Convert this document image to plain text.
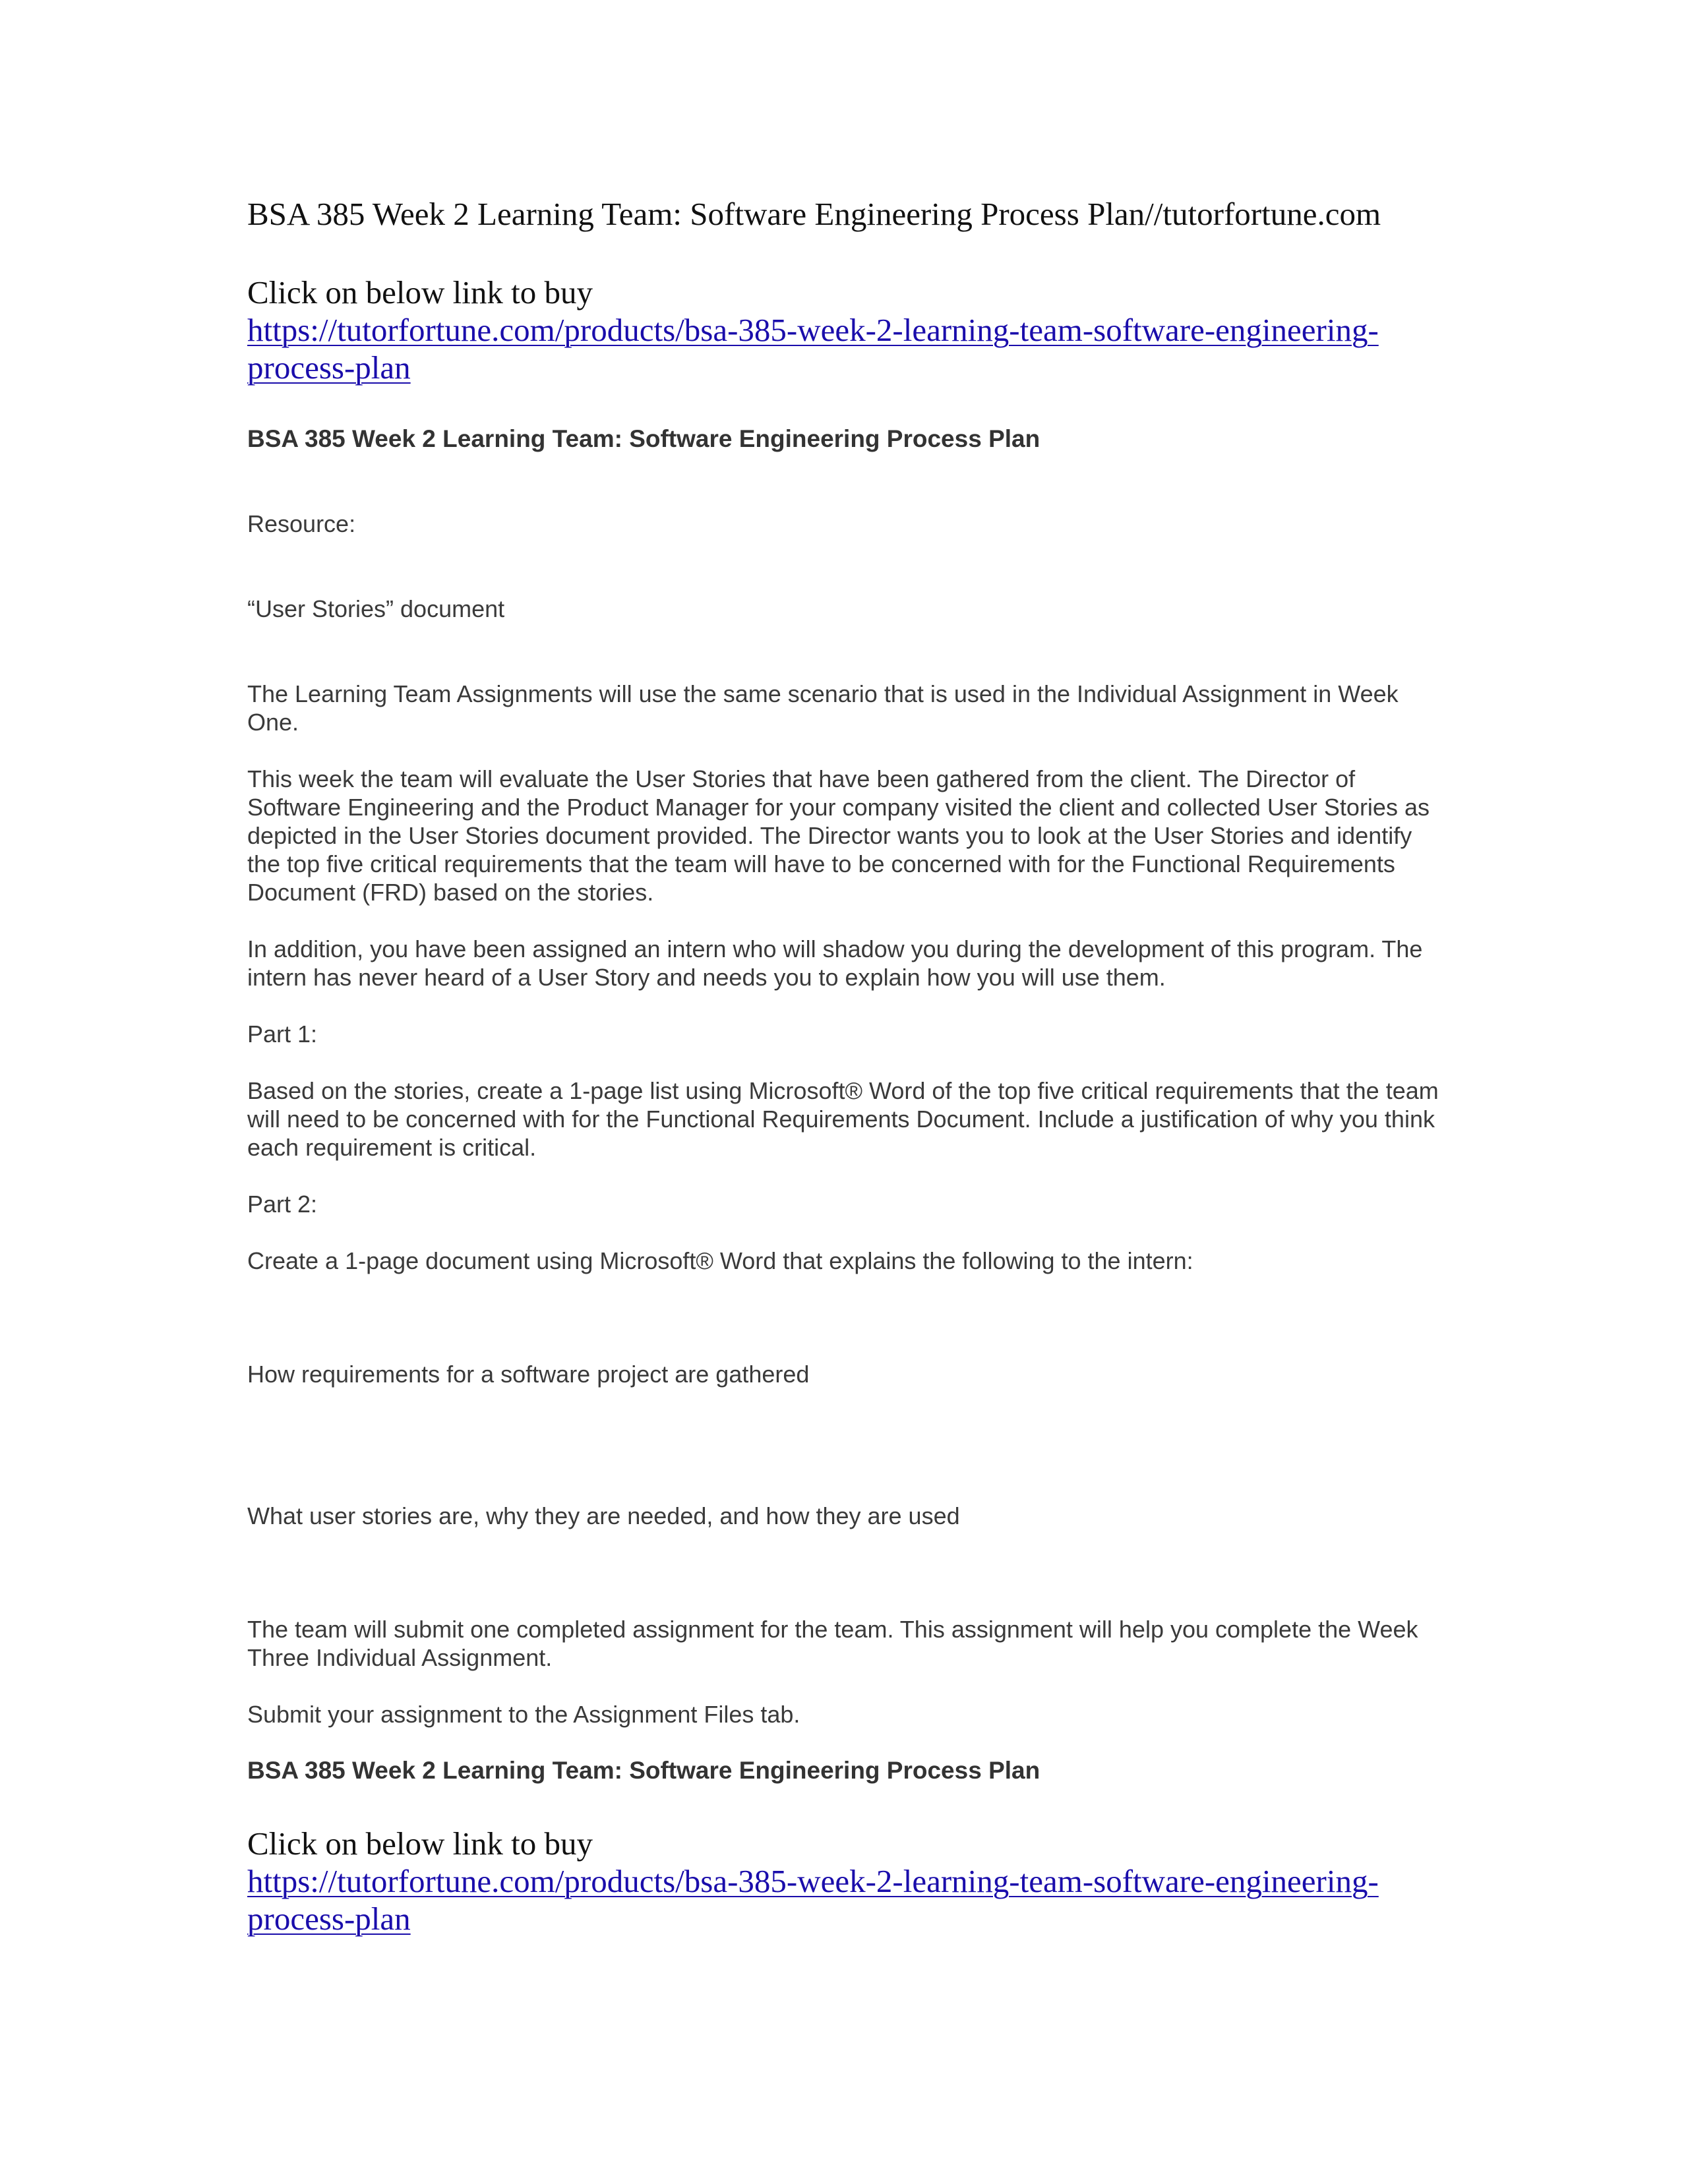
BSA 385 Week 2 Learning Team: Software Engineering Process Plan//tutorfortune.com
Click on below link to buy
https://tutorfortune.com/products/bsa-385-week-2-learning-team-software-engineering-
process-plan
BSA 385 Week 2 Learning Team: Software Engineering Process Plan
Resource:
“User Stories” document

The Learning Team Assignments will use the same scenario that is used in the Individual Assignment in Week One.

This week the team will evaluate the User Stories that have been gathered from the client. The Director of Software Engineering and the Product Manager for your company visited the client and collected User Stories as depicted in the User Stories document provided. The Director wants you to look at the User Stories and identify the top five critical requirements that the team will have to be concerned with for the Functional Requirements Document (FRD) based on the stories.

In addition, you have been assigned an intern who will shadow you during the development of this program. The intern has never heard of a User Story and needs you to explain how you will use them.

Part 1:

Based on the stories, create a 1-page list using Microsoft® Word of the top five critical requirements that the team will need to be concerned with for the Functional Requirements Document. Include a justification of why you think each requirement is critical.

Part 2:
Create a 1-page document using Microsoft® Word that explains the following to the intern:
How requirements for a software project are gathered
What user stories are, why they are needed, and how they are used

The team will submit one completed assignment for the team. This assignment will help you complete the Week Three Individual Assignment.

Submit your assignment to the Assignment Files tab.
BSA 385 Week 2 Learning Team: Software Engineering Process Plan
Click on below link to buy
https://tutorfortune.com/products/bsa-385-week-2-learning-team-software-engineering-
process-plan
